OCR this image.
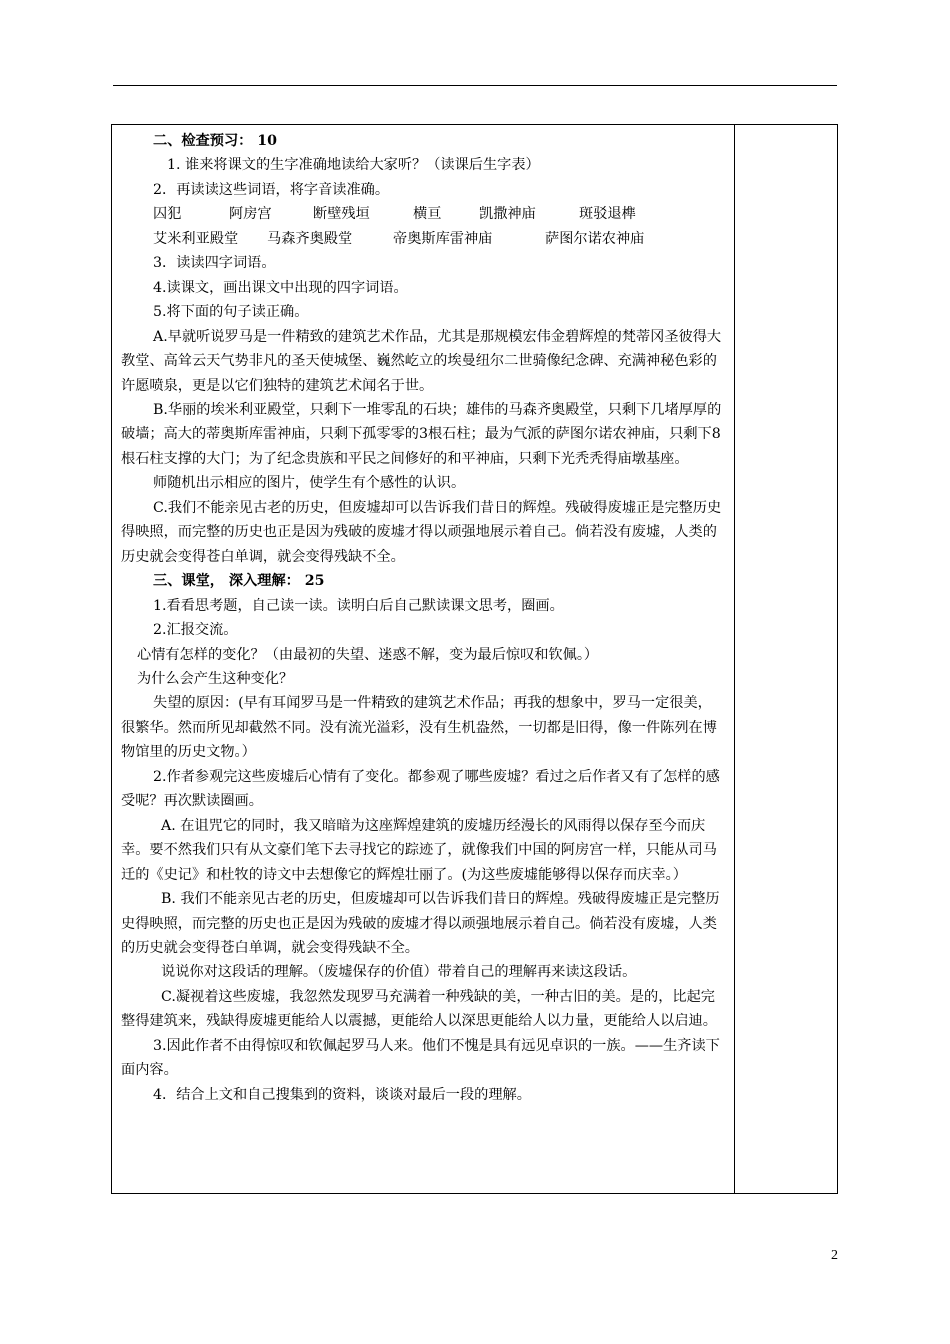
二、检查预习： 10

1. 谁来将课文的生字准确地读给大家听？（读课后生字表）

2．再读读这些词语，将字音读准确。

囚犯	阿房宫	断壁残垣	横亘	凯撒神庙	斑驳退榫
艾米利亚殿堂	马森齐奥殿堂	帝奥斯库雷神庙	萨图尔诺农神庙

3．读读四字词语。

4.读课文，画出课文中出现的四字词语。

5.将下面的句子读正确。

A.早就听说罗马是一件精致的建筑艺术作品，尤其是那规模宏伟金碧辉煌的梵蒂冈圣彼得大教堂、高耸云天气势非凡的圣天使城堡、巍然屹立的埃曼纽尔二世骑像纪念碑、充满神秘色彩的许愿喷泉，更是以它们独特的建筑艺术闻名于世。

B.华丽的埃米利亚殿堂，只剩下一堆零乱的石块；雄伟的马森齐奥殿堂，只剩下几堵厚厚的破墙；高大的蒂奥斯库雷神庙，只剩下孤零零的3根石柱；最为气派的萨图尔诺农神庙，只剩下8根石柱支撑的大门；为了纪念贵族和平民之间修好的和平神庙，只剩下光秃秃得庙墩基座。

师随机出示相应的图片，使学生有个感性的认识。

C.我们不能亲见古老的历史，但废墟却可以告诉我们昔日的辉煌。残破得废墟正是完整历史得映照，而完整的历史也正是因为残破的废墟才得以顽强地展示着自己。倘若没有废墟，人类的历史就会变得苍白单调，就会变得残缺不全。

三、课堂， 深入理解： 25

1.看看思考题，自己读一读。读明白后自己默读课文思考，圈画。

2.汇报交流。

心情有怎样的变化？（由最初的失望、迷惑不解，变为最后惊叹和钦佩。）

为什么会产生这种变化？

失望的原因：(早有耳闻罗马是一件精致的建筑艺术作品；再我的想象中，罗马一定很美，很繁华。然而所见却截然不同。没有流光溢彩，没有生机盎然，一切都是旧得，像一件陈列在博物馆里的历史文物。）

2.作者参观完这些废墟后心情有了变化。都参观了哪些废墟？看过之后作者又有了怎样的感受呢？再次默读圈画。

A. 在诅咒它的同时，我又暗暗为这座辉煌建筑的废墟历经漫长的风雨得以保存至今而庆幸。要不然我们只有从文豪们笔下去寻找它的踪迹了，就像我们中国的阿房宫一样，只能从司马迁的《史记》和杜牧的诗文中去想像它的辉煌壮丽了。(为这些废墟能够得以保存而庆幸。）

B. 我们不能亲见古老的历史，但废墟却可以告诉我们昔日的辉煌。残破得废墟正是完整历史得映照，而完整的历史也正是因为残破的废墟才得以顽强地展示着自己。倘若没有废墟，人类的历史就会变得苍白单调，就会变得残缺不全。

说说你对这段话的理解。（废墟保存的价值）带着自己的理解再来读这段话。

C.凝视着这些废墟，我忽然发现罗马充满着一种残缺的美，一种古旧的美。是的，比起完整得建筑来，残缺得废墟更能给人以震撼，更能给人以深思更能给人以力量，更能给人以启迪。

3.因此作者不由得惊叹和钦佩起罗马人来。他们不愧是具有远见卓识的一族。——生齐读下面内容。

4．结合上文和自己搜集到的资料，谈谈对最后一段的理解。

2
